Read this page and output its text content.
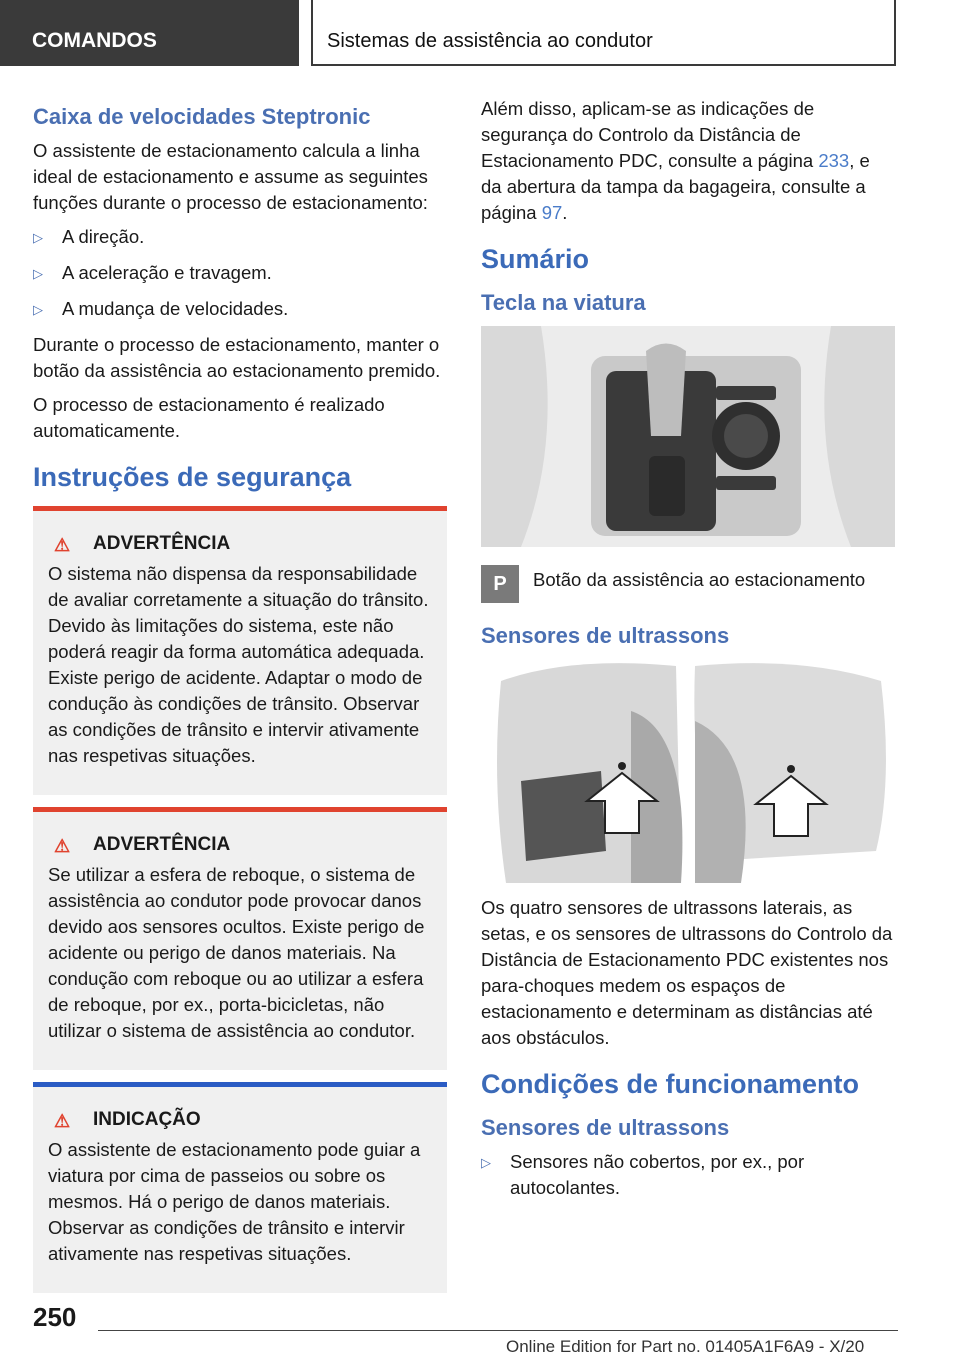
COMANDOS	Sistemas de assistência ao condutor
Caixa de velocidades Steptronic

O assistente de estacionamento calcula a linha ideal de estacionamento e assume as seguintes funções durante o processo de estacionamento:

▷ A direção.
▷ A aceleração e travagem.
▷ A mudança de velocidades.

Durante o processo de estacionamento, manter o botão da assistência ao estacionamento premido.

O processo de estacionamento é realizado automaticamente.

Instruções de segurança
⚠ ADVERTÊNCIA

O sistema não dispensa da responsabilidade de avaliar corretamente a situação do trânsito. Devido às limitações do sistema, este não poderá reagir da forma automática adequada. Existe perigo de acidente. Adaptar o modo de condução às condições de trânsito. Observar as condições de trânsito e intervir ativamente nas respetivas situações.

⚠ ADVERTÊNCIA

Se utilizar a esfera de reboque, o sistema de assistência ao condutor pode provocar danos devido aos sensores ocultos. Existe perigo de acidente ou perigo de danos materiais. Na condução com reboque ou ao utilizar a esfera de reboque, por ex., porta-bicicletas, não utilizar o sistema de assistência ao condutor.

⚠ INDICAÇÃO

O assistente de estacionamento pode guiar a viatura por cima de passeios ou sobre os mesmos. Há o perigo de danos materiais. Observar as condições de trânsito e intervir ativamente nas respetivas situações.

Além disso, aplicam-se as indicações de segurança do Controlo da Distância de Estacionamento PDC, consulte a página 233, e da abertura da tampa da bagageira, consulte a página 97.

Sumário
Tecla na viatura
P	Botão da assistência ao estacionamento

Sensores de ultrassons

Os quatro sensores de ultrassons laterais, as setas, e os sensores de ultrassons do Controlo da Distância de Estacionamento PDC existentes nos para-choques medem os espaços de estacionamento e determinam as distâncias até aos obstáculos.

Condições de funcionamento
Sensores de ultrassons
▷ Sensores não cobertos, por ex., por autocolantes.
250
Online Edition for Part no. 01405A1F6A9 - X/20
